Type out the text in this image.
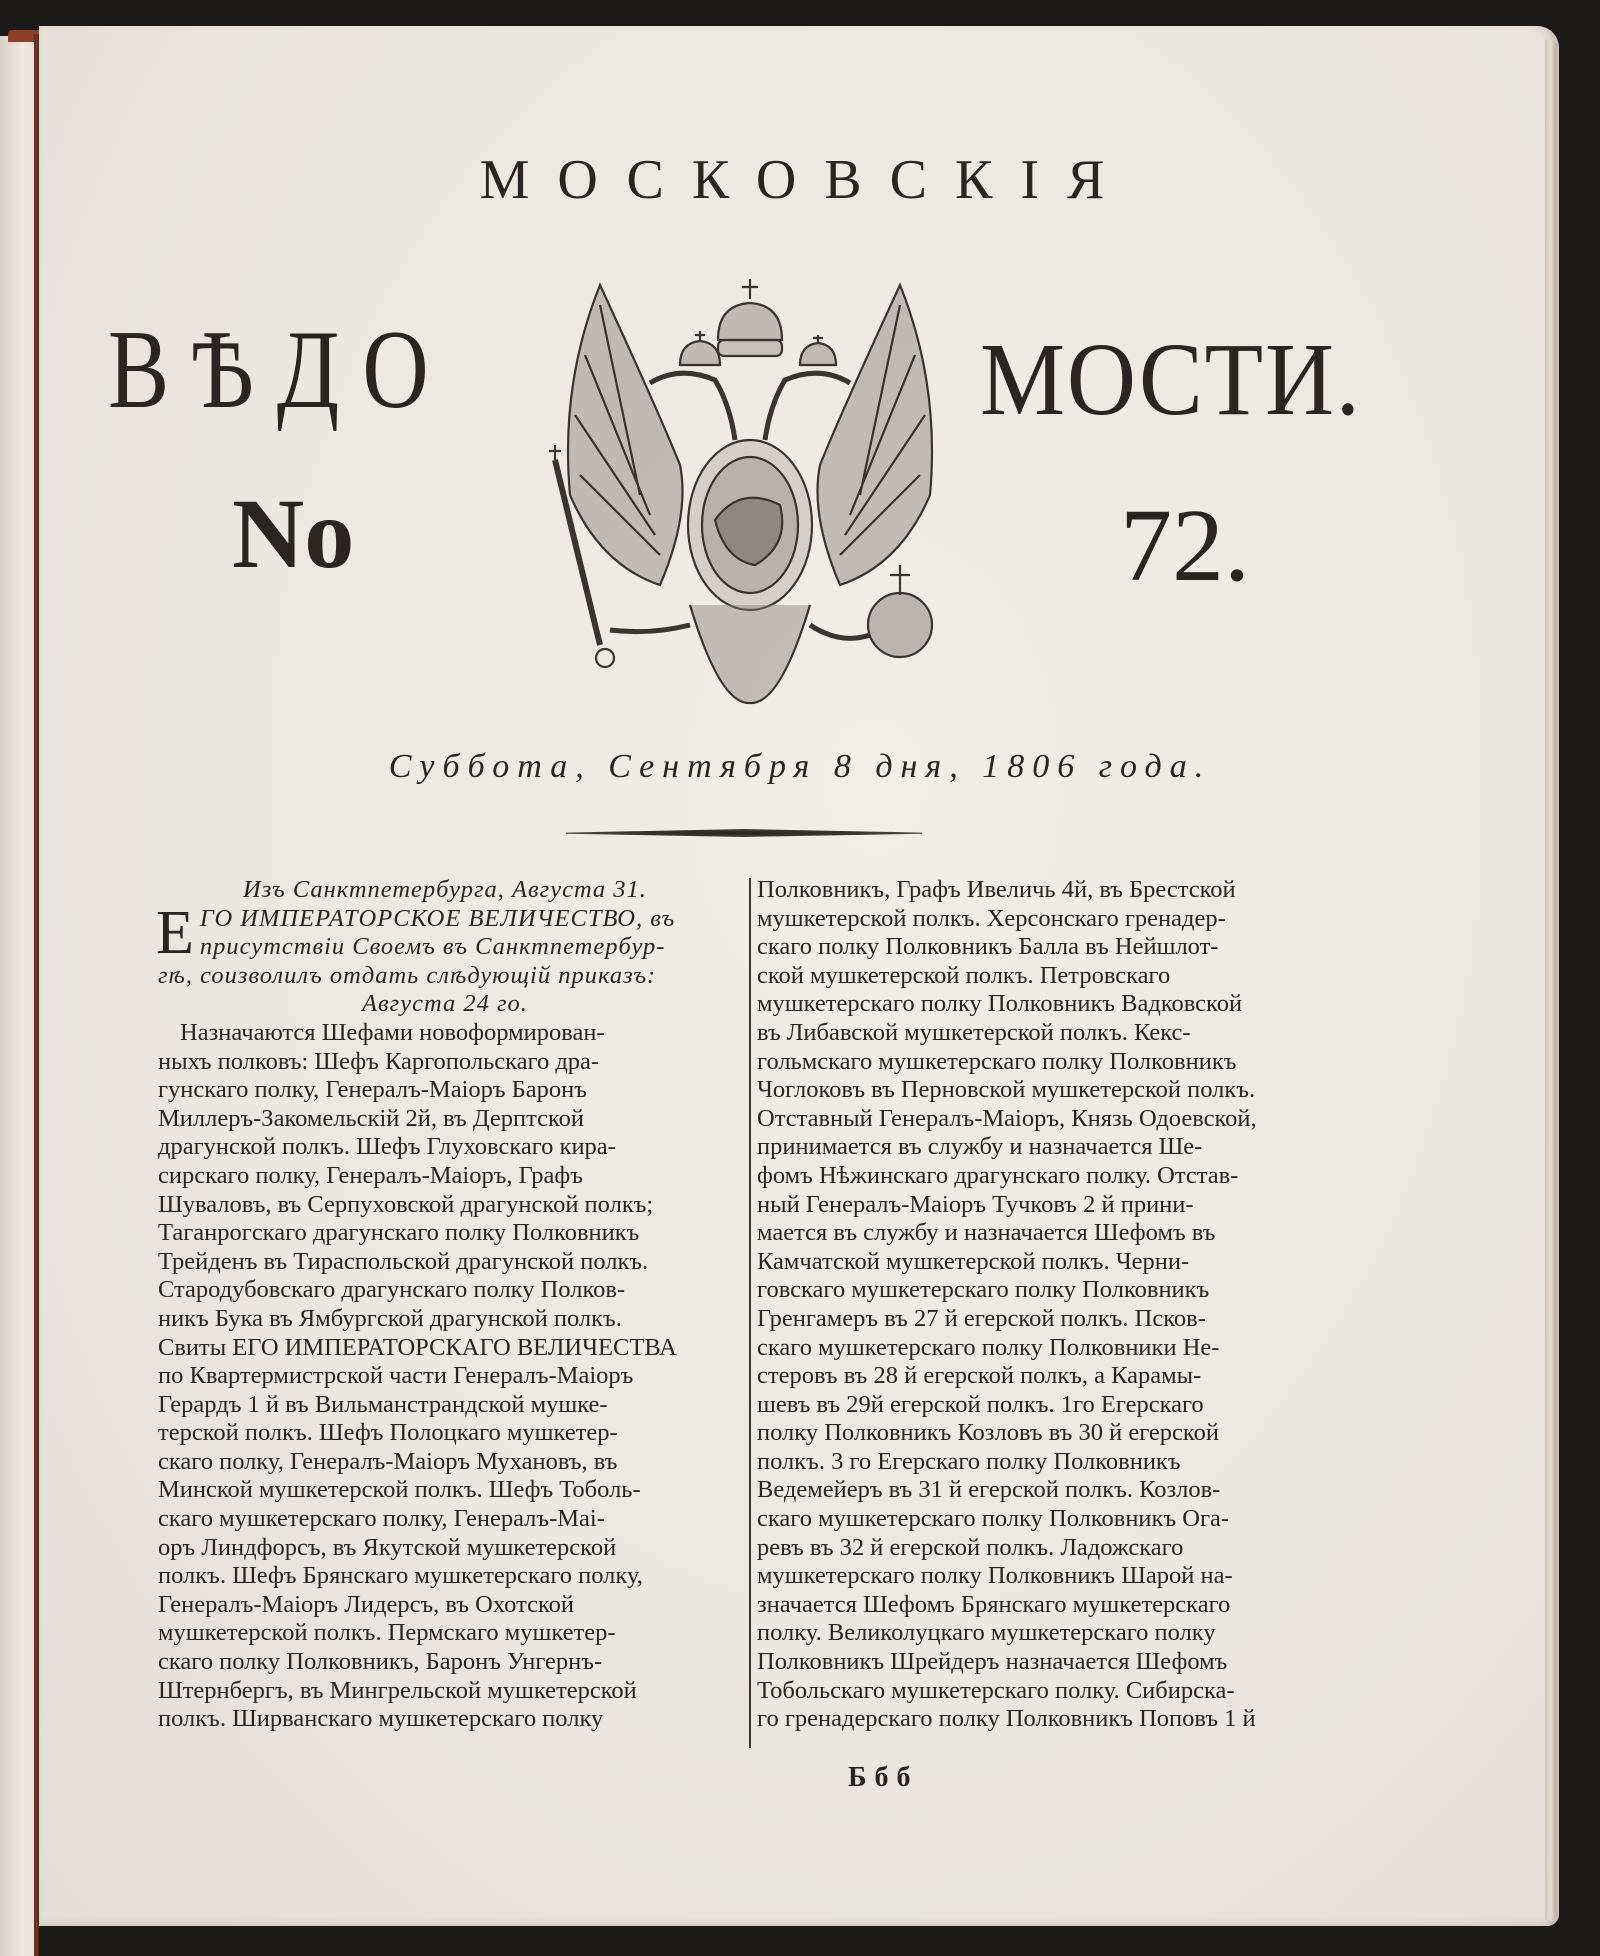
МОСКОВСКІЯ
ВѢДО	МОСТИ.
No	72.
Суббота, Сентября 8 дня, 1806 года.
Изъ Санктпетербурга, Августа 31.
Е ГО ИМПЕРАТОРСКОЕ ВЕЛИЧЕСТВО, въ
присутствіи Своемъ въ Санктпетербур-
гѣ, соизволилъ отдать слѣдующій приказъ:
Августа 24 го.
Назначаются Шефами новоформирован-
ныхъ полковъ: Шефъ Каргопольскаго дра-
гунскаго полку, Генералъ-Маіоръ Баронъ
Миллеръ-Закомельскій 2й, въ Дерптской
драгунской полкъ. Шефъ Глуховскаго кира-
сирскаго полку, Генералъ-Маіоръ, Графъ
Шуваловъ, въ Серпуховской драгунской полкъ;
Таганрогскаго драгунскаго полку Полковникъ
Трейденъ въ Тираспольской драгунской полкъ.
Стародубовскаго драгунскаго полку Полков-
никъ Бука въ Ямбургской драгунской полкъ.
Свиты ЕГО ИМПЕРАТОРСКАГО ВЕЛИЧЕСТВА
по Квартермистрской части Генералъ-Маіоръ
Герардъ 1 й въ Вильманстрандской мушке-
терской полкъ. Шефъ Полоцкаго мушкетер-
скаго полку, Генералъ-Маіоръ Мухановъ, въ
Минской мушкетерской полкъ. Шефъ Тоболь-
скаго мушкетерскаго полку, Генералъ-Маі-
оръ Линдфорсъ, въ Якутской мушкетерской
полкъ. Шефъ Брянскаго мушкетерскаго полку,
Генералъ-Маіоръ Лидерсъ, въ Охотской
мушкетерской полкъ. Пермскаго мушкетер-
скаго полку Полковникъ, Баронъ Унгернъ-
Штернбергъ, въ Мингрельской мушкетерской
полкъ. Ширванскаго мушкетерскаго полку
Полковникъ, Графъ Ивеличь 4й, въ Брестской
мушкетерской полкъ. Херсонскаго гренадер-
скаго полку Полковникъ Балла въ Нейшлот-
ской мушкетерской полкъ. Петровскаго
мушкетерскаго полку Полковникъ Вадковской
въ Либавской мушкетерской полкъ. Кекс-
гольмскаго мушкетерскаго полку Полковникъ
Чоглоковъ въ Перновской мушкетерской полкъ.
Отставный Генералъ-Маіоръ, Князь Одоевской,
принимается въ службу и назначается Ше-
фомъ Нѣжинскаго драгунскаго полку. Отстав-
ный Генералъ-Маіоръ Тучковъ 2 й прини-
мается въ службу и назначается Шефомъ въ
Камчатской мушкетерской полкъ. Черни-
говскаго мушкетерскаго полку Полковникъ
Гренгамеръ въ 27 й егерской полкъ. Псков-
скаго мушкетерскаго полку Полковники Не-
стеровъ въ 28 й егерской полкъ, а Карамы-
шевъ въ 29й егерской полкъ. 1го Егерскаго
полку Полковникъ Козловъ въ 30 й егерской
полкъ. 3 го Егерскаго полку Полковникъ
Ведемейеръ въ 31 й егерской полкъ. Козлов-
скаго мушкетерскаго полку Полковникъ Ога-
ревъ въ 32 й егерской полкъ. Ладожскаго
мушкетерскаго полку Полковникъ Шарой на-
значается Шефомъ Брянскаго мушкетерскаго
полку. Великолуцкаго мушкетерскаго полку
Полковникъ Шрейдеръ назначается Шефомъ
Тобольскаго мушкетерскаго полку. Сибирска-
го гренадерскаго полку Полковникъ Поповъ 1 й
Ббб
